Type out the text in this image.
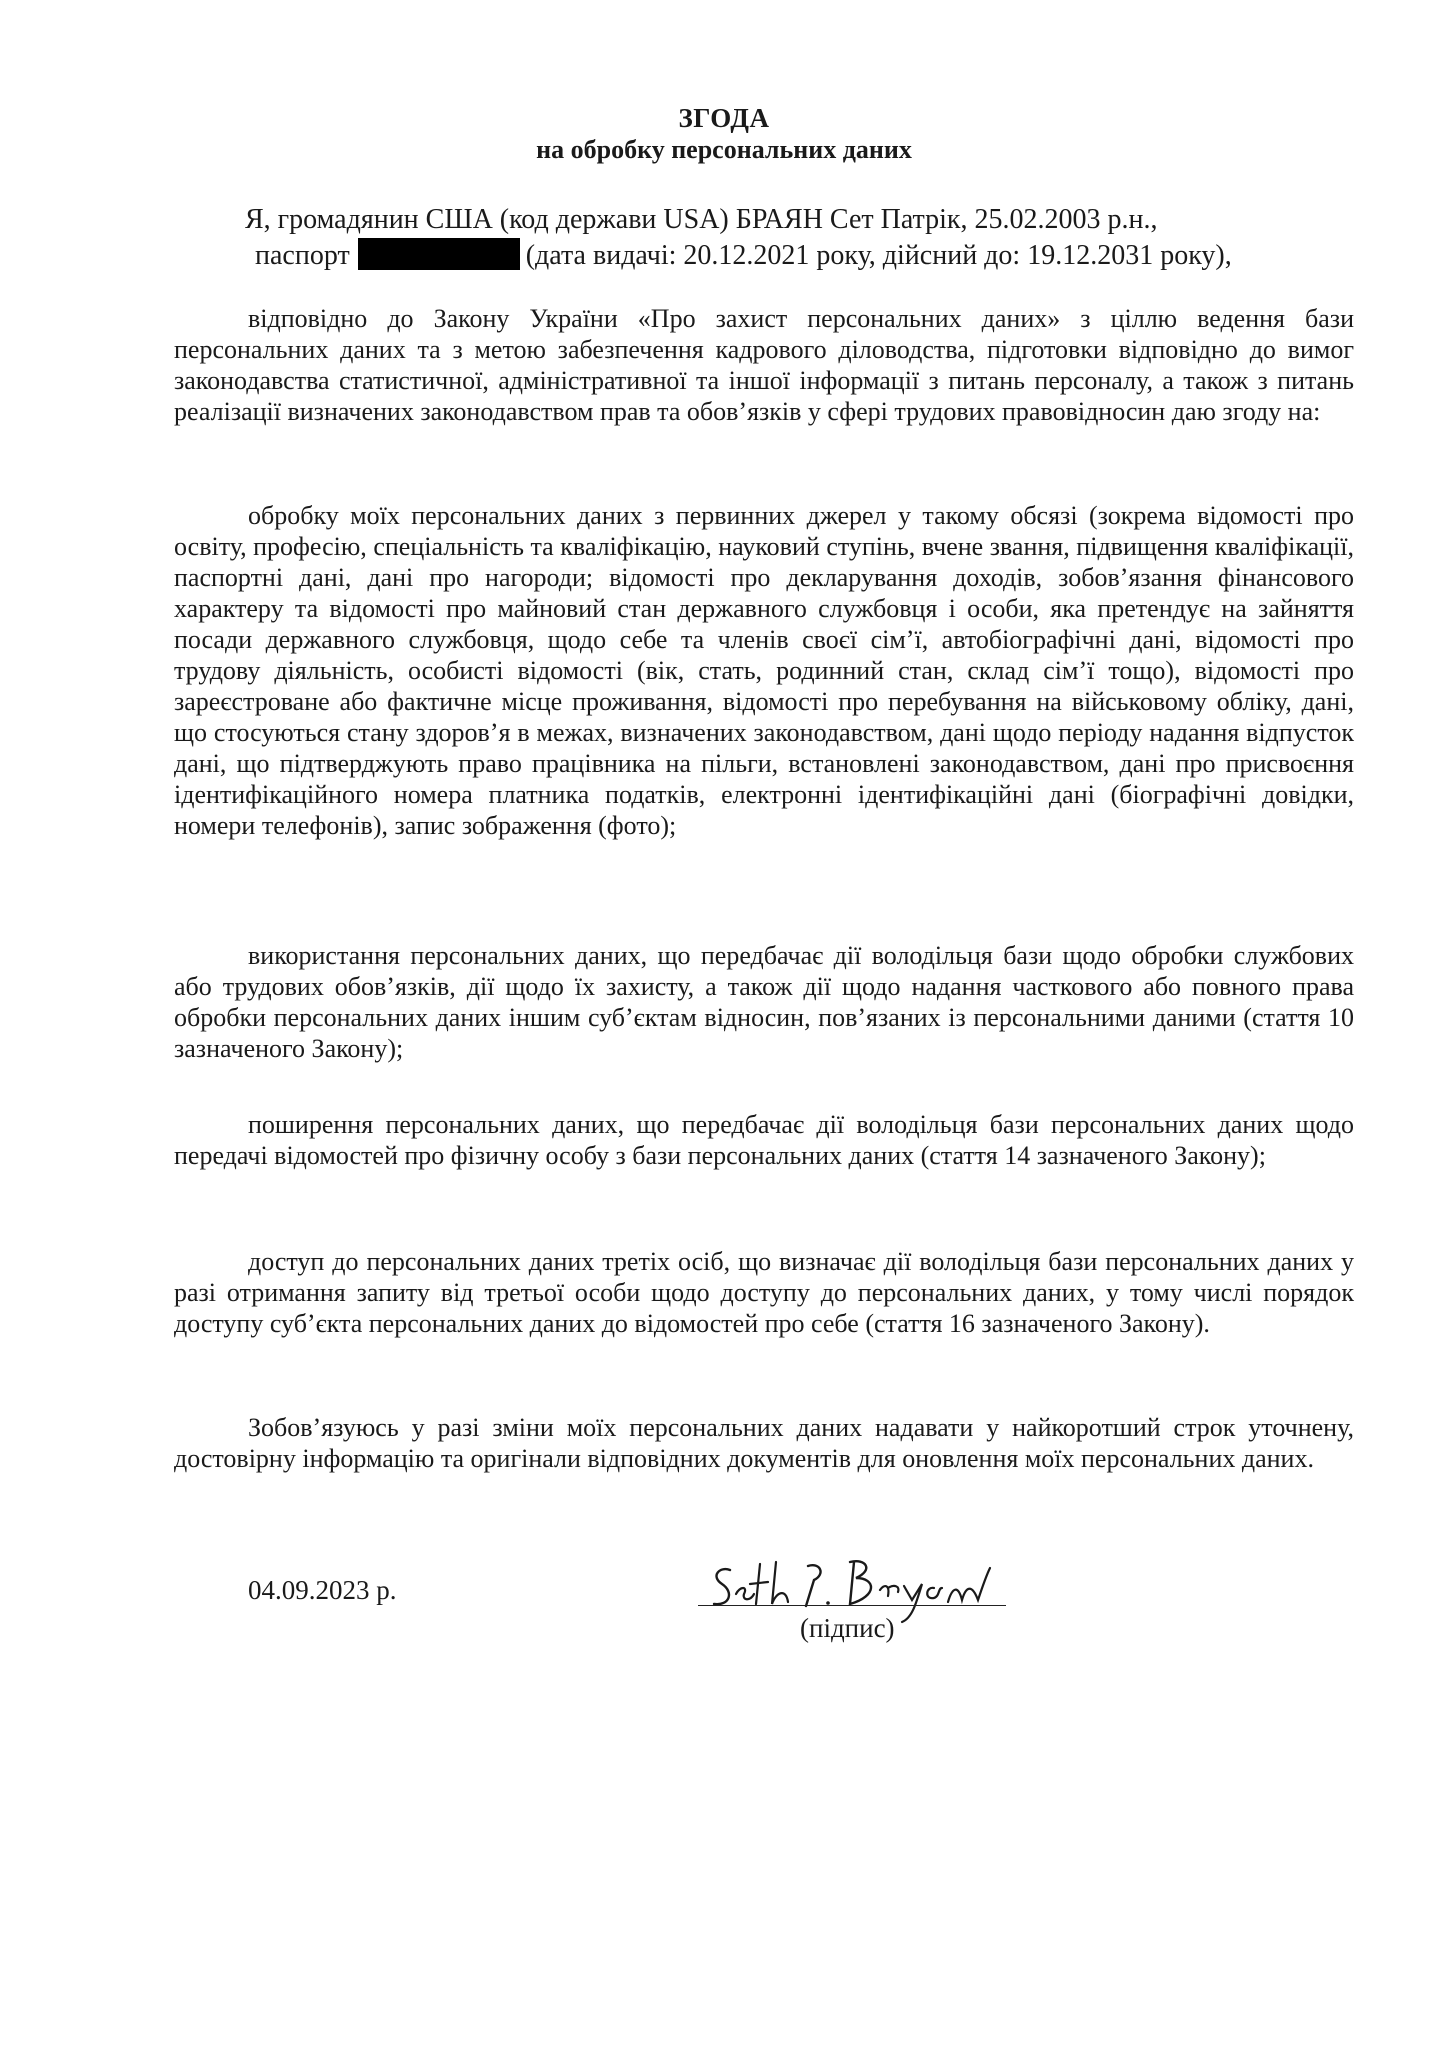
ЗГОДА
на обробку персональних даних
Я, громадянин США (код держави USA) БРАЯН Сет Патрік, 25.02.2003 р.н.,
паспорт	(дата видачі: 20.12.2021 року, дійсний до: 19.12.2031 року),
відповідно до Закону України «Про захист персональних даних» з ціллю ведення бази персональних даних та з метою забезпечення кадрового діловодства, підготовки відповідно до вимог законодавства статистичної, адміністративної та іншої інформації з питань персоналу, а також з питань реалізації визначених законодавством прав та обов’язків у сфері трудових правовідносин даю згоду на:
обробку моїх персональних даних з первинних джерел у такому обсязі (зокрема відомості про освіту, професію, спеціальність та кваліфікацію, науковий ступінь, вчене звання, підвищення кваліфікації, паспортні дані, дані про нагороди; відомості про декларування доходів, зобов’язання фінансового характеру та відомості про майновий стан державного службовця і особи, яка претендує на зайняття посади державного службовця, щодо себе та членів своєї сім’ї, автобіографічні дані, відомості про трудову діяльність, особисті відомості (вік, стать, родинний стан, склад сім’ї тощо), відомості про зареєстроване або фактичне місце проживання, відомості про перебування на військовому обліку, дані, що стосуються стану здоров’я в межах, визначених законодавством, дані щодо періоду надання відпусток дані, що підтверджують право працівника на пільги, встановлені законодавством, дані про присвоєння ідентифікаційного номера платника податків, електронні ідентифікаційні дані (біографічні довідки, номери телефонів), запис зображення (фото);
використання персональних даних, що передбачає дії володільця бази щодо обробки службових або трудових обов’язків, дії щодо їх захисту, а також дії щодо надання часткового або повного права обробки персональних даних іншим суб’єктам відносин, пов’язаних із персональними даними (стаття 10 зазначеного Закону);
поширення персональних даних, що передбачає дії володільця бази персональних даних щодо передачі відомостей про фізичну особу з бази персональних даних (стаття 14 зазначеного Закону);
доступ до персональних даних третіх осіб, що визначає дії володільця бази персональних даних у разі отримання запиту від третьої особи щодо доступу до персональних даних, у тому числі порядок доступу суб’єкта персональних даних до відомостей про себе (стаття 16 зазначеного Закону).
Зобов’язуюсь у разі зміни моїх персональних даних надавати у найкоротший строк уточнену, достовірну інформацію та оригінали відповідних документів для оновлення моїх персональних даних.
04.09.2023 р.
(підпис)
